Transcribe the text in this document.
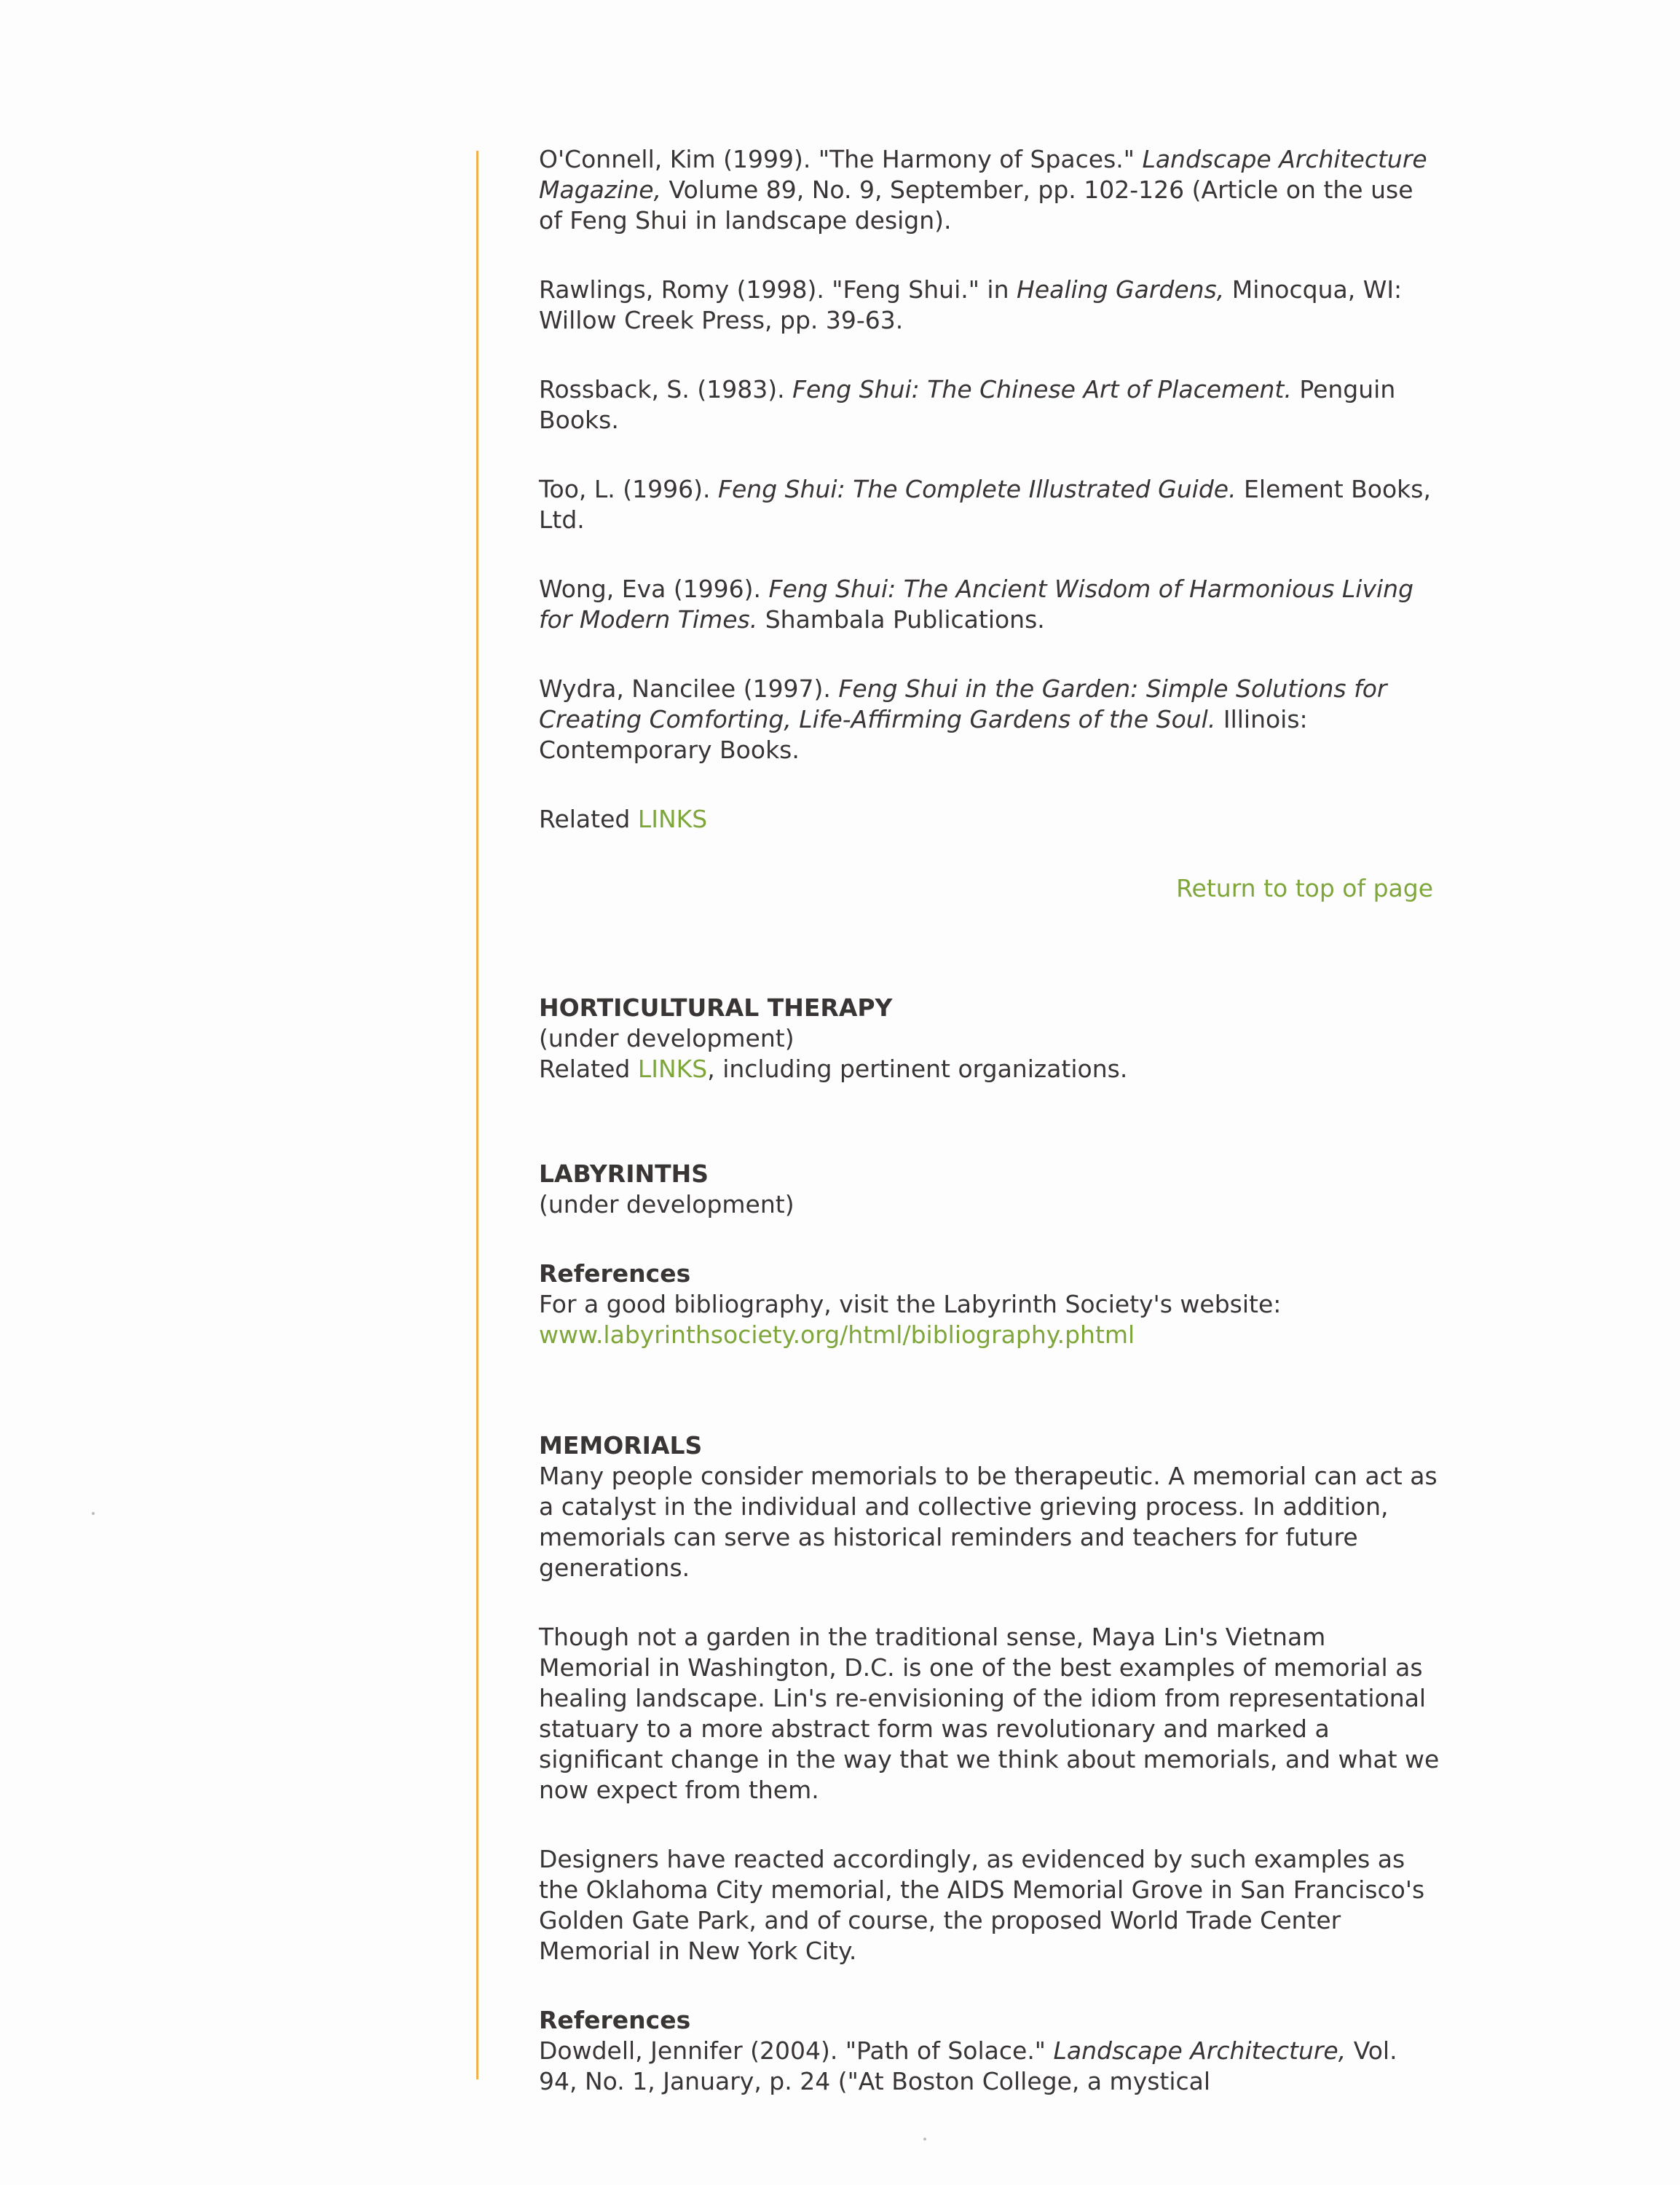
O'Connell, Kim (1999). "The Harmony of Spaces." Landscape Architecture Magazine, Volume 89, No. 9, September, pp. 102-126 (Article on the use of Feng Shui in landscape design).

Rawlings, Romy (1998). "Feng Shui." in Healing Gardens, Minocqua, WI: Willow Creek Press, pp. 39-63.

Rossback, S. (1983). Feng Shui: The Chinese Art of Placement. Penguin Books.

Too, L. (1996). Feng Shui: The Complete Illustrated Guide. Element Books, Ltd.

Wong, Eva (1996). Feng Shui: The Ancient Wisdom of Harmonious Living for Modern Times. Shambala Publications.

Wydra, Nancilee (1997). Feng Shui in the Garden: Simple Solutions for Creating Comforting, Life-Affirming Gardens of the Soul. Illinois: Contemporary Books.

Related LINKS

Return to top of page
HORTICULTURAL THERAPY

(under development)

Related LINKS, including pertinent organizations.

LABYRINTHS

(under development)

References

For a good bibliography, visit the Labyrinth Society's website:

www.labyrinthsociety.org/html/bibliography.phtml

MEMORIALS

Many people consider memorials to be therapeutic. A memorial can act as a catalyst in the individual and collective grieving process. In addition, memorials can serve as historical reminders and teachers for future generations.

Though not a garden in the traditional sense, Maya Lin's Vietnam Memorial in Washington, D.C. is one of the best examples of memorial as healing landscape. Lin's re-envisioning of the idiom from representational statuary to a more abstract form was revolutionary and marked a significant change in the way that we think about memorials, and what we now expect from them.

Designers have reacted accordingly, as evidenced by such examples as the Oklahoma City memorial, the AIDS Memorial Grove in San Francisco's Golden Gate Park, and of course, the proposed World Trade Center Memorial in New York City.

References

Dowdell, Jennifer (2004). "Path of Solace." Landscape Architecture, Vol. 94, No. 1, January, p. 24 ("At Boston College, a mystical
